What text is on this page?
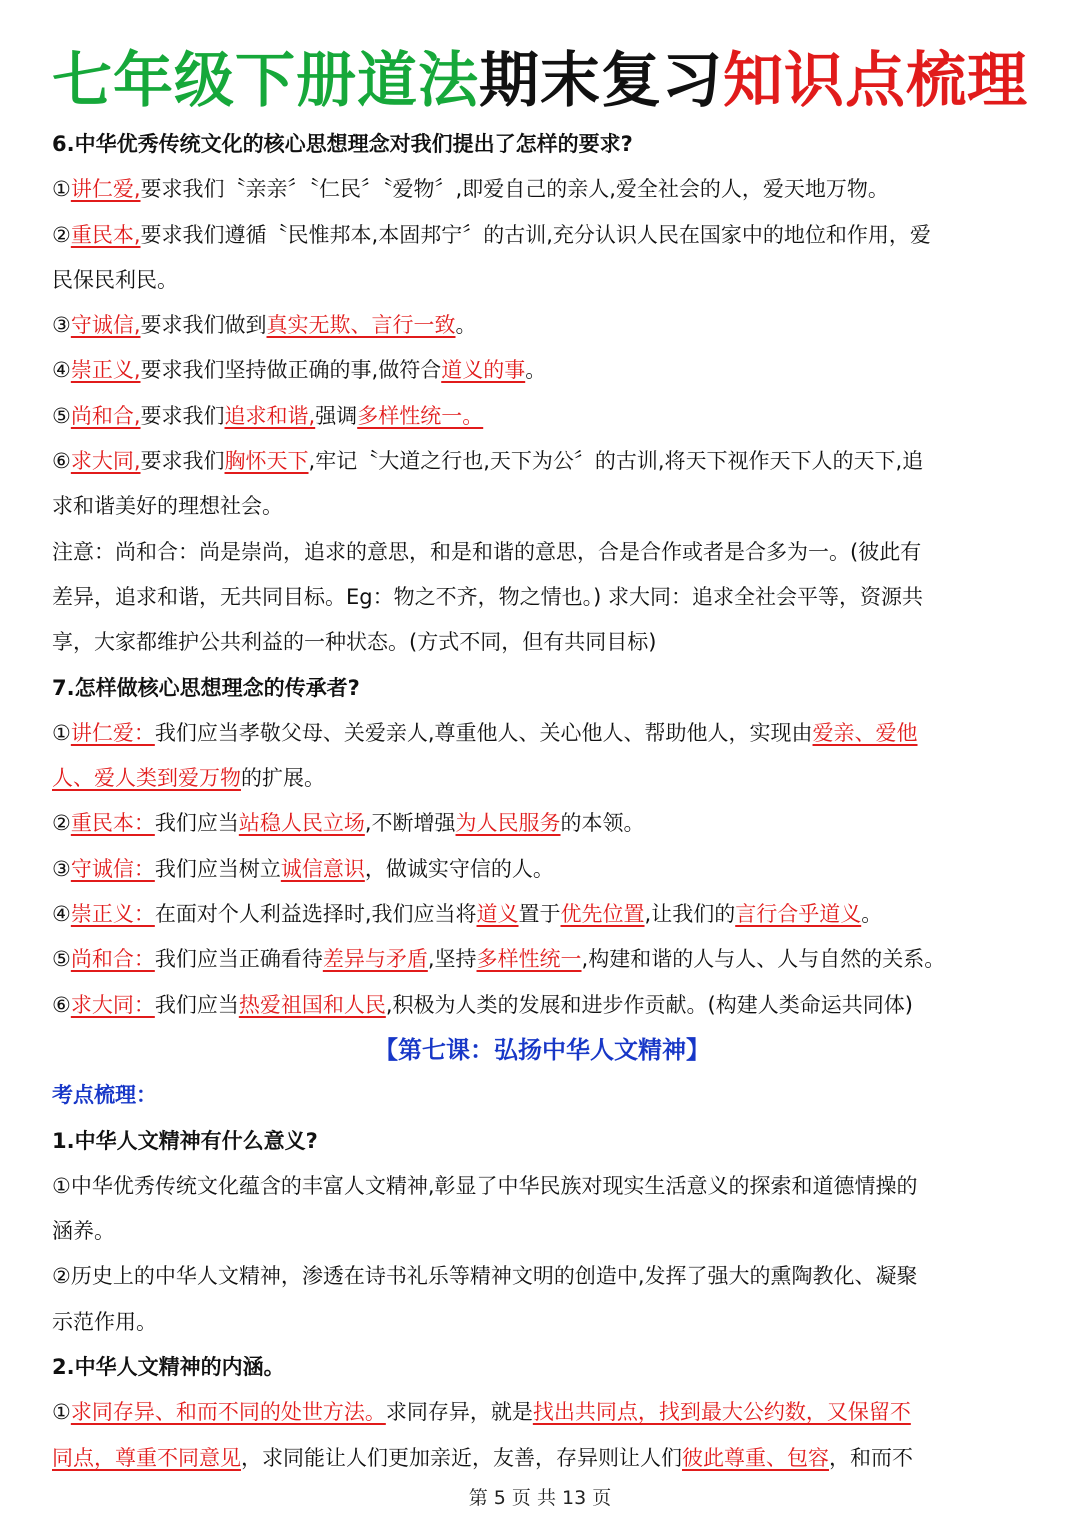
七年级下册道法期末复习知识点梳理
6.中华优秀传统文化的核心思想理念对我们提出了怎样的要求?
①讲仁爱,要求我们〝亲亲〞〝仁民〞〝爱物〞,即爱自己的亲人,爱全社会的人，爱天地万物。
②重民本,要求我们遵循〝民惟邦本,本固邦宁〞的古训,充分认识人民在国家中的地位和作用，爱
民保民利民。
③守诚信,要求我们做到真实无欺、言行一致。
④崇正义,要求我们坚持做正确的事,做符合道义的事。
⑤尚和合,要求我们追求和谐,强调多样性统一。
⑥求大同,要求我们胸怀天下,牢记〝大道之行也,天下为公〞的古训,将天下视作天下人的天下,追
求和谐美好的理想社会。
注意：尚和合：尚是崇尚，追求的意思，和是和谐的意思，合是合作或者是合多为一。(彼此有
差异，追求和谐，无共同目标。Eg：物之不齐，物之情也。) 求大同：追求全社会平等，资源共
享，大家都维护公共利益的一种状态。(方式不同，但有共同目标)
7.怎样做核心思想理念的传承者?
①讲仁爱：我们应当孝敬父母、关爱亲人,尊重他人、关心他人、帮助他人，实现由爱亲、爱他
人、爱人类到爱万物的扩展。
②重民本：我们应当站稳人民立场,不断增强为人民服务的本领。
③守诚信：我们应当树立诚信意识，做诚实守信的人。
④崇正义：在面对个人利益选择时,我们应当将道义置于优先位置,让我们的言行合乎道义。
⑤尚和合：我们应当正确看待差异与矛盾,坚持多样性统一,构建和谐的人与人、人与自然的关系。
⑥求大同：我们应当热爱祖国和人民,积极为人类的发展和进步作贡献。(构建人类命运共同体)
【第七课：弘扬中华人文精神】
考点梳理：
1.中华人文精神有什么意义?
①中华优秀传统文化蕴含的丰富人文精神,彰显了中华民族对现实生活意义的探索和道德情操的
涵养。
②历史上的中华人文精神，渗透在诗书礼乐等精神文明的创造中,发挥了强大的熏陶教化、凝聚
示范作用。
2.中华人文精神的内涵。
①求同存异、和而不同的处世方法。求同存异，就是找出共同点，找到最大公约数，又保留不
同点，尊重不同意见，求同能让人们更加亲近，友善，存异则让人们彼此尊重、包容，和而不
第 5 页 共 13 页
